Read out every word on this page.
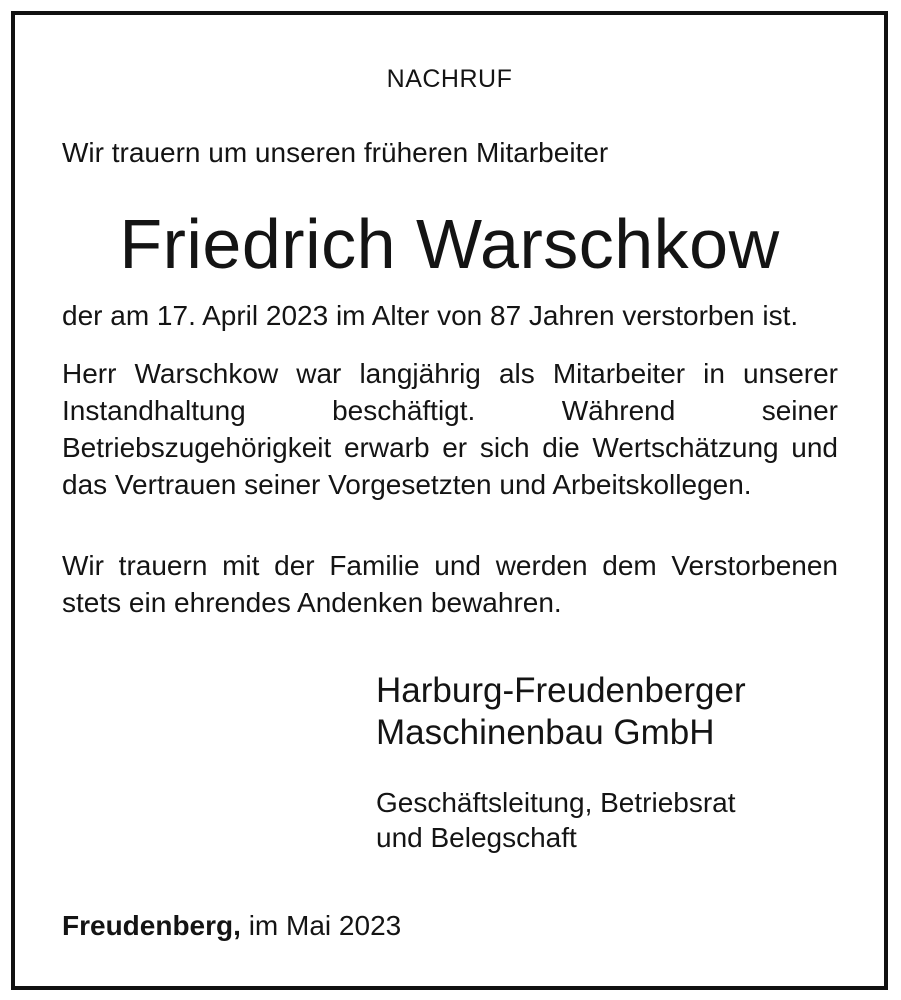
NACHRUF
Wir trauern um unseren früheren Mitarbeiter
Friedrich Warschkow
der am 17. April 2023 im Alter von 87 Jahren verstorben ist.
Herr Warschkow war langjährig als Mitarbeiter in unserer Instandhaltung beschäftigt. Während seiner Betriebszugehörigkeit erwarb er sich die Wertschätzung und das Vertrauen seiner Vorgesetzten und Arbeitskollegen.
Wir trauern mit der Familie und werden dem Verstorbenen stets ein ehrendes Andenken bewahren.
Harburg-Freudenberger
Maschinenbau GmbH
Geschäftsleitung, Betriebsrat
und Belegschaft
Freudenberg, im Mai 2023
